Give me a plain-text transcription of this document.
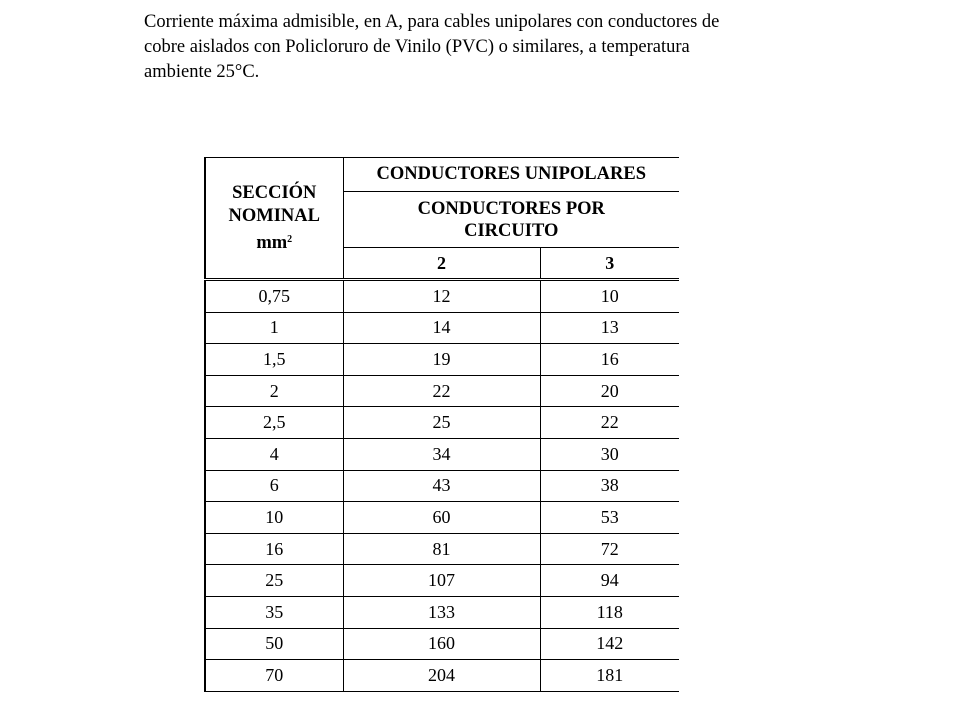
Corriente máxima admisible, en A, para cables unipolares con conductores de
cobre aislados con Policloruro de Vinilo (PVC) o similares, a temperatura
ambiente 25°C.
SECCIÓN
NOMINAL
$mm^2$	CONDUCTORES UNIPOLARES	

	CONDUCTORES POR
CIRCUITO	

	2	3
0,75	12	10
1	14	13
1,5	19	16
2	22	20
2,5	25	22
4	34	30
6	43	38
10	60	53
16	81	72
25	107	94
35	133	118
50	160	142
70	204	181
